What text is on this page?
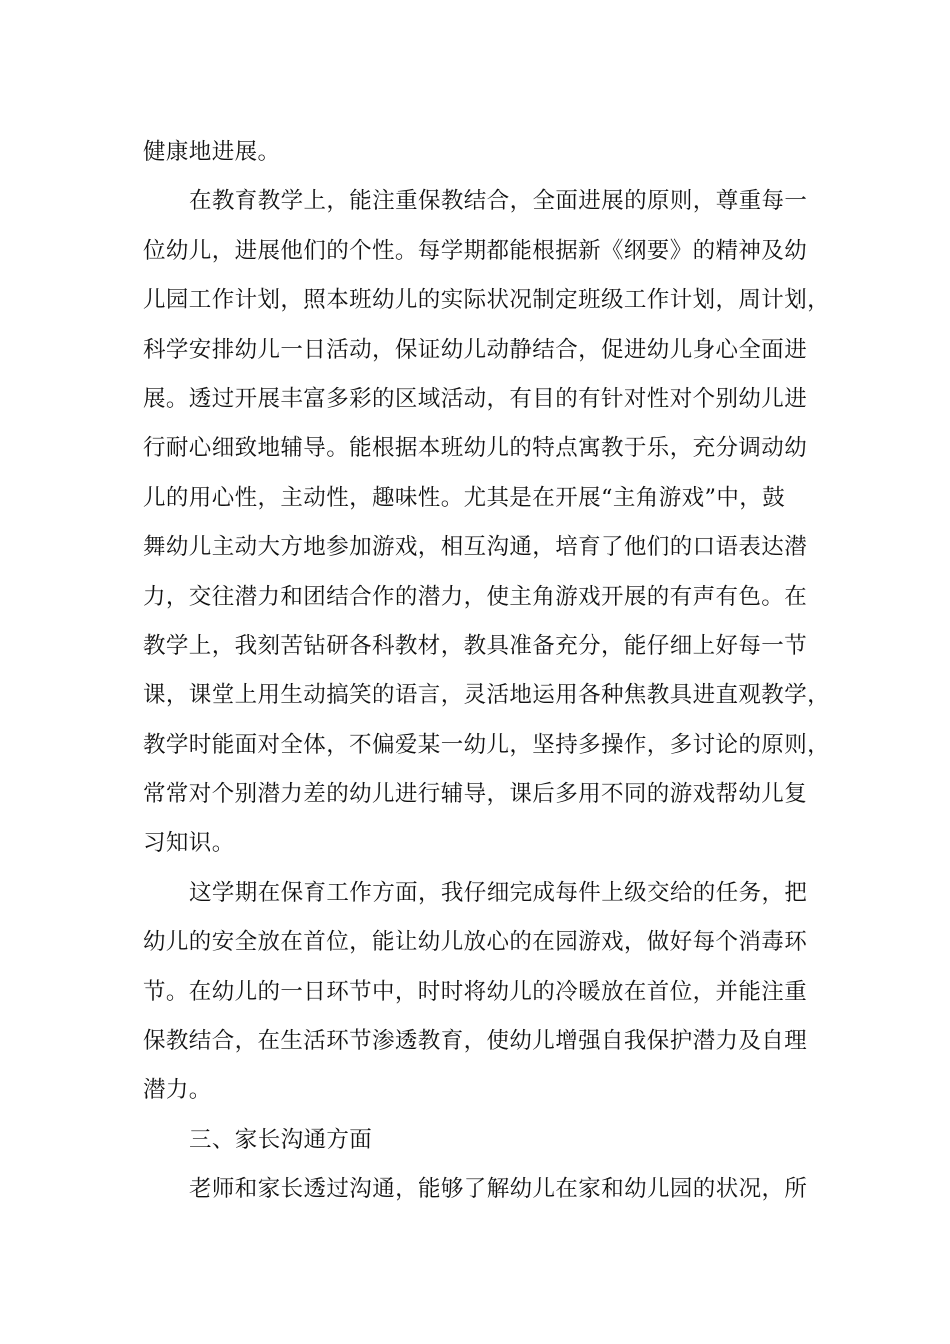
健康地进展。
在教育教学上，能注重保教结合，全面进展的原则，尊重每一
位幼儿，进展他们的个性。每学期都能根据新《纲要》的精神及幼
儿园工作计划，照本班幼儿的实际状况制定班级工作计划，周计划，
科学安排幼儿一日活动，保证幼儿动静结合，促进幼儿身心全面进
展。透过开展丰富多彩的区域活动，有目的有针对性对个别幼儿进
行耐心细致地辅导。能根据本班幼儿的特点寓教于乐，充分调动幼
儿的用心性，主动性，趣味性。尤其是在开展“主角游戏”中，鼓
舞幼儿主动大方地参加游戏，相互沟通，培育了他们的口语表达潜
力，交往潜力和团结合作的潜力，使主角游戏开展的有声有色。在
教学上，我刻苦钻研各科教材，教具准备充分，能仔细上好每一节
课，课堂上用生动搞笑的语言，灵活地运用各种焦教具进直观教学，
教学时能面对全体，不偏爱某一幼儿，坚持多操作，多讨论的原则，
常常对个别潜力差的幼儿进行辅导，课后多用不同的游戏帮幼儿复
习知识。
这学期在保育工作方面，我仔细完成每件上级交给的任务，把
幼儿的安全放在首位，能让幼儿放心的在园游戏，做好每个消毒环
节。在幼儿的一日环节中，时时将幼儿的冷暖放在首位，并能注重
保教结合，在生活环节渗透教育，使幼儿增强自我保护潜力及自理
潜力。
三、家长沟通方面
老师和家长透过沟通，能够了解幼儿在家和幼儿园的状况，所
